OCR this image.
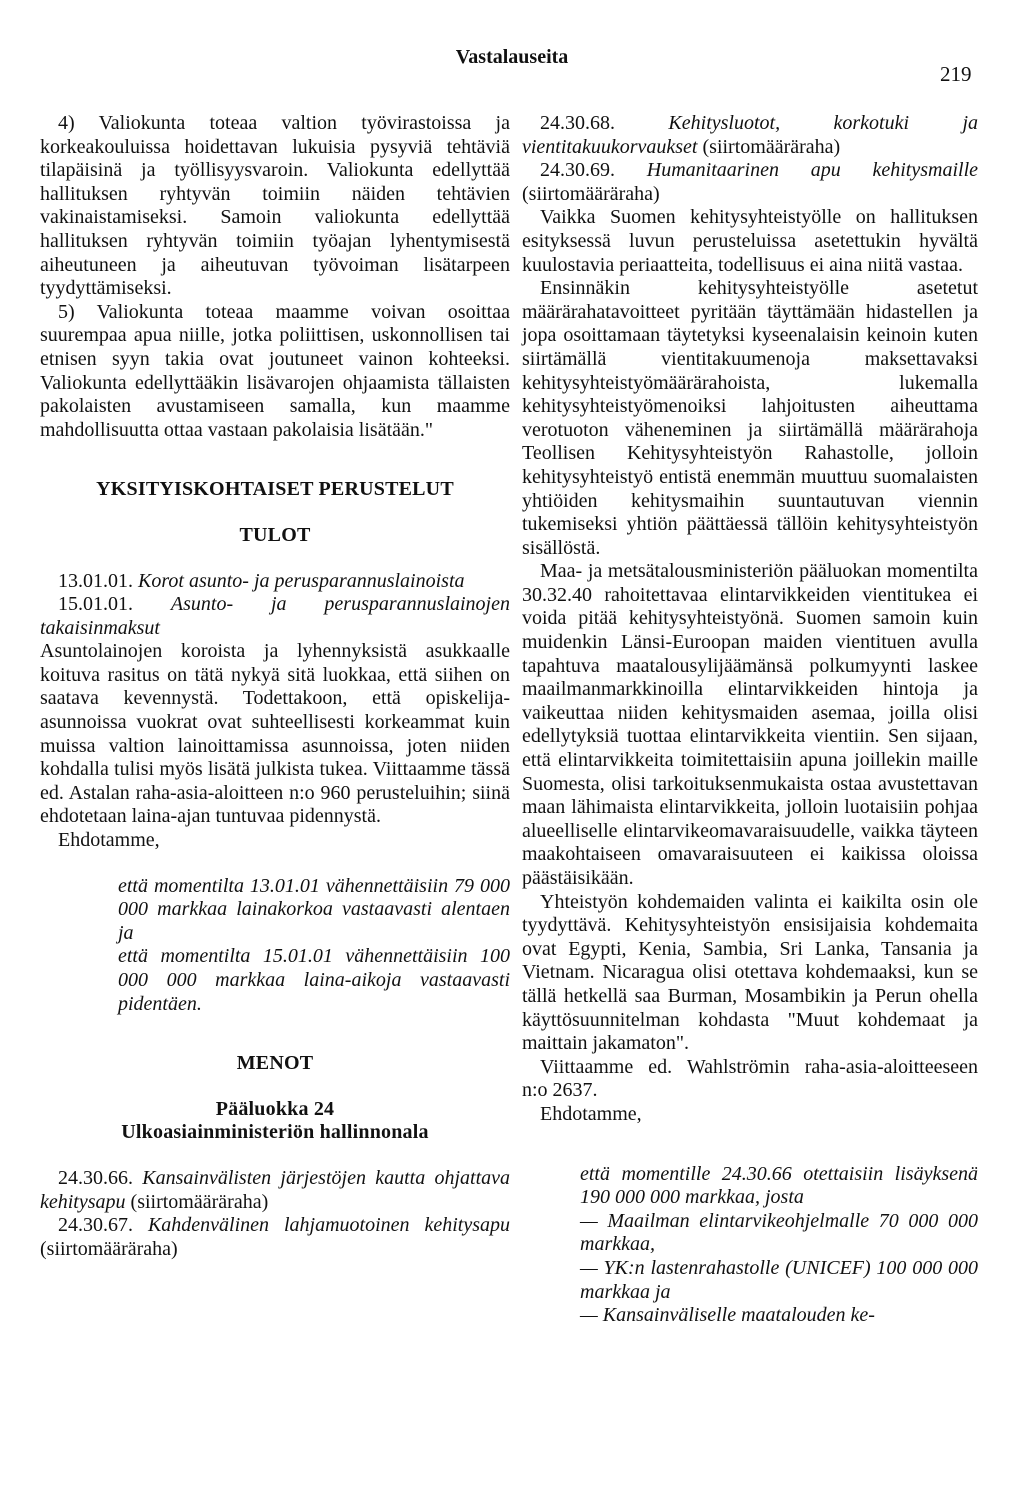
Vastalauseita
219

4) Valiokunta toteaa valtion työvirastoissa ja korkeakouluissa hoidettavan lukuisia pysyviä tehtäviä tilapäisinä ja työllisyysvaroin. Valiokunta edellyttää hallituksen ryhtyvän toimiin näiden tehtävien vakinaistamiseksi. Samoin valiokunta edellyttää hallituksen ryhtyvän toimiin työajan lyhentymisestä aiheutuneen ja aiheutuvan työvoiman lisätarpeen tyydyttämiseksi.

5) Valiokunta toteaa maamme voivan osoittaa suurempaa apua niille, jotka poliittisen, uskonnollisen tai etnisen syyn takia ovat joutuneet vainon kohteeksi. Valiokunta edellyttääkin lisävarojen ohjaamista tällaisten pakolaisten avustamiseen samalla, kun maamme mahdollisuutta ottaa vastaan pakolaisia lisätään."

YKSITYISKOHTAISET PERUSTELUT
TULOT

13.01.01. Korot asunto- ja perusparannuslainoista

15.01.01. Asunto- ja perusparannuslainojen takaisinmaksut

Asuntolainojen koroista ja lyhennyksistä asukkaalle koituva rasitus on tätä nykyä sitä luokkaa, että siihen on saatava kevennystä. Todettakoon, että opiskelija-asunnoissa vuokrat ovat suhteellisesti korkeammat kuin muissa valtion lainoittamissa asunnoissa, joten niiden kohdalla tulisi myös lisätä julkista tukea. Viittaamme tässä ed. Astalan raha-asia-aloitteen n:o 960 perusteluihin; siinä ehdotetaan laina-ajan tuntuvaa pidennystä.

Ehdotamme,

että momentilta 13.01.01 vähennettäisiin 79 000 000 markkaa lainakorkoa vastaavasti alentaen ja

että momentilta 15.01.01 vähennettäisiin 100 000 000 markkaa laina-aikoja vastaavasti pidentäen.

MENOT
Pääluokka 24
Ulkoasiainministeriön hallinnonala

24.30.66. Kansainvälisten järjestöjen kautta ohjattava kehitysapu (siirtomääräraha)

24.30.67. Kahdenvälinen lahjamuotoinen kehitysapu (siirtomääräraha)

24.30.68.	Kehitysluotot, korkotuki ja vientitakuukorvaukset (siirtomääräraha)

24.30.69. Humanitaarinen apu kehitysmaille (siirtomääräraha)

Vaikka Suomen kehitysyhteistyölle on hallituksen esityksessä luvun perusteluissa asetettukin hyvältä kuulostavia periaatteita, todellisuus ei aina niitä vastaa.

Ensinnäkin kehitysyhteistyölle asetetut määrärahatavoitteet pyritään täyttämään hidastellen ja jopa osoittamaan täytetyksi kyseenalaisin keinoin kuten siirtämällä vientitakuumenoja maksettavaksi kehitysyhteistyömäärärahoista, lukemalla kehitysyhteistyömenoiksi lahjoitusten aiheuttama verotuoton väheneminen ja siirtämällä määrärahoja Teollisen Kehitysyhteistyön Rahastolle, jolloin kehitysyhteistyö entistä enemmän muuttuu suomalaisten yhtiöiden kehitysmaihin suuntautuvan viennin tukemiseksi yhtiön päättäessä tällöin kehitysyhteistyön sisällöstä.

Maa- ja metsätalousministeriön pääluokan momentilta 30.32.40 rahoitettavaa elintarvikkeiden vientitukea ei voida pitää kehitysyhteistyönä. Suomen samoin kuin muidenkin Länsi-Euroopan maiden vientituen avulla tapahtuva maatalousylijäämänsä polkumyynti laskee maailmanmarkkinoilla elintarvikkeiden hintoja ja vaikeuttaa niiden kehitysmaiden asemaa, joilla olisi edellytyksiä tuottaa elintarvikkeita vientiin. Sen sijaan, että elintarvikkeita toimitettaisiin apuna joillekin maille Suomesta, olisi tarkoituksenmukaista ostaa avustettavan maan lähimaista elintarvikkeita, jolloin luotaisiin pohjaa alueelliselle elintarvikeomavaraisuudelle, vaikka täyteen maakohtaiseen omavaraisuuteen ei kaikissa oloissa päästäisikään.

Yhteistyön kohdemaiden valinta ei kaikilta osin ole tyydyttävä. Kehitysyhteistyön ensisijaisia kohdemaita ovat Egypti, Kenia, Sambia, Sri Lanka, Tansania ja Vietnam. Nicaragua olisi otettava kohdemaaksi, kun se tällä hetkellä saa Burman, Mosambikin ja Perun ohella käyttösuunnitelman kohdasta "Muut kohdemaat ja maittain jakamaton".

Viittaamme ed. Wahlströmin raha-asia-aloitteeseen n:o 2637.

Ehdotamme,

että momentille 24.30.66 otettaisiin lisäyksenä 190 000 000 markkaa, josta

— Maailman elintarvikeohjelmalle 70 000 000 markkaa,

— YK:n lastenrahastolle (UNICEF) 100 000 000 markkaa ja

— Kansainväliselle maatalouden ke-
